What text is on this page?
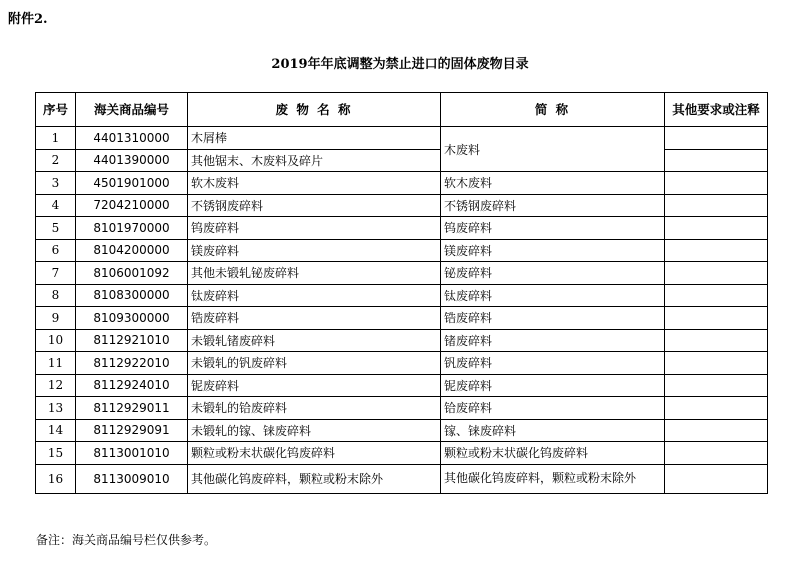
附件2.
2019年年底调整为禁止进口的固体废物目录
序号	海关商品编号	废 物 名 称	简 称	其他要求或注释
1	4401310000	木屑棒	木废料	
2	4401390000	其他锯末、木废料及碎片		
3	4501901000	软木废料	软木废料	
4	7204210000	不锈钢废碎料	不锈钢废碎料	
5	8101970000	钨废碎料	钨废碎料	
6	8104200000	镁废碎料	镁废碎料	
7	8106001092	其他未锻轧铋废碎料	铋废碎料	
8	8108300000	钛废碎料	钛废碎料	
9	8109300000	锆废碎料	锆废碎料	
10	8112921010	未锻轧锗废碎料	锗废碎料	
11	8112922010	未锻轧的钒废碎料	钒废碎料	
12	8112924010	铌废碎料	铌废碎料	
13	8112929011	未锻轧的铪废碎料	铪废碎料	
14	8112929091	未锻轧的镓、铼废碎料	镓、铼废碎料	
15	8113001010	颗粒或粉末状碳化钨废碎料	颗粒或粉末状碳化钨废碎料	
16	8113009010	其他碳化钨废碎料，颗粒或粉末除外	其他碳化钨废碎料，颗粒或粉末除外	
备注：海关商品编号栏仅供参考。
